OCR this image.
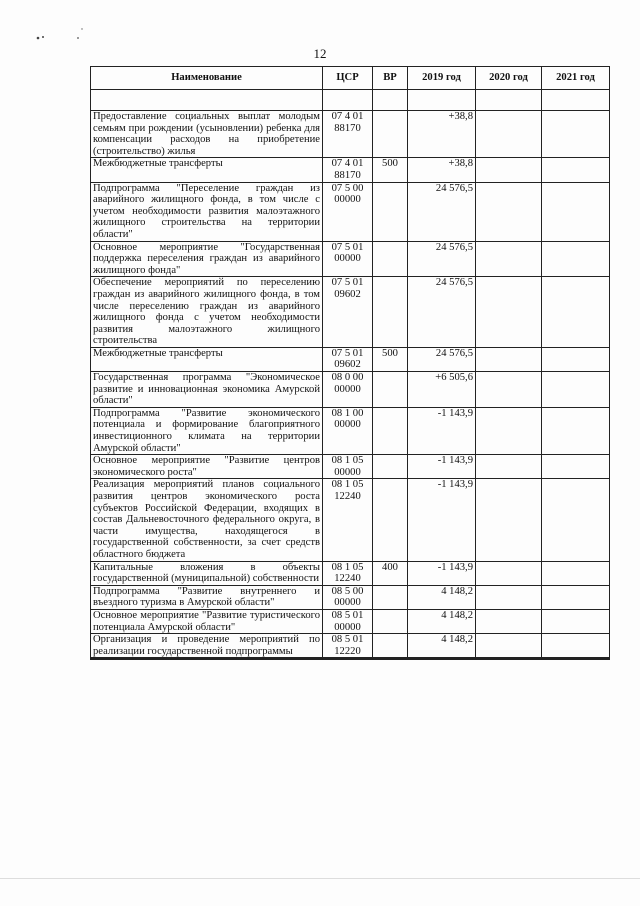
12
Наименование	ЦСР	ВР	2019 год	2020 год	2021 год

Предоставление социальных выплат молодым семьям при рождении (усыновлении) ребенка для компенсации расходов на приобретение (строительство) жилья	07 4 01 88170		+38,8		
Межбюджетные трансферты	07 4 01 88170	500	+38,8		
Подпрограмма "Переселение граждан из аварийного жилищного фонда, в том числе с учетом необходимости развития малоэтажного жилищного строительства на территории области"	07 5 00 00000		24 576,5		
Основное мероприятие "Государственная поддержка переселения граждан из аварийного жилищного фонда"	07 5 01 00000		24 576,5		
Обеспечение мероприятий по переселению граждан из аварийного жилищного фонда, в том числе переселению граждан из аварийного жилищного фонда с учетом необходимости развития малоэтажного жилищного строительства	07 5 01 09602		24 576,5		
Межбюджетные трансферты	07 5 01 09602	500	24 576,5		
Государственная программа "Экономическое развитие и инновационная экономика Амурской области"	08 0 00 00000		+6 505,6		
Подпрограмма "Развитие экономического потенциала и формирование благоприятного инвестиционного климата на территории Амурской области"	08 1 00 00000		-1 143,9		
Основное мероприятие "Развитие центров экономического роста"	08 1 05 00000		-1 143,9		
Реализация мероприятий планов социального развития центров экономического роста субъектов Российской Федерации, входящих в состав Дальневосточного федерального округа, в части имущества, находящегося в государственной собственности, за счет средств областного бюджета	08 1 05 12240		-1 143,9		
Капитальные вложения в объекты государственной (муниципальной) собственности	08 1 05 12240	400	-1 143,9		
Подпрограмма "Развитие внутреннего и въездного туризма в Амурской области"	08 5 00 00000		4 148,2		
Основное мероприятие "Развитие туристического потенциала Амурской области"	08 5 01 00000		4 148,2		
Организация и проведение мероприятий по реализации государственной подпрограммы	08 5 01 12220		4 148,2		
